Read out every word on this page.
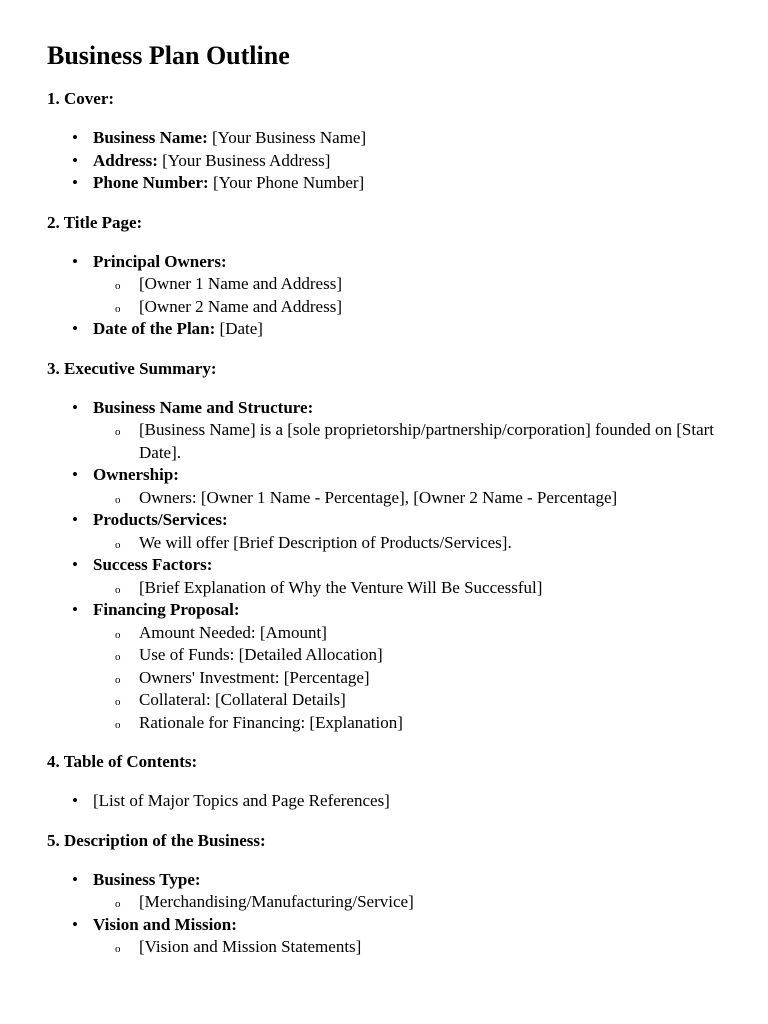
Business Plan Outline
1. Cover:
• Business Name: [Your Business Name]
• Address: [Your Business Address]
• Phone Number: [Your Phone Number]
2. Title Page:
• Principal Owners:
o [Owner 1 Name and Address]
o [Owner 2 Name and Address]
• Date of the Plan: [Date]
3. Executive Summary:
• Business Name and Structure:
o [Business Name] is a [sole proprietorship/partnership/corporation] founded on [Start Date].
• Ownership:
o Owners: [Owner 1 Name - Percentage], [Owner 2 Name - Percentage]
• Products/Services:
o We will offer [Brief Description of Products/Services].
• Success Factors:
o [Brief Explanation of Why the Venture Will Be Successful]
• Financing Proposal:
o Amount Needed: [Amount]
o Use of Funds: [Detailed Allocation]
o Owners' Investment: [Percentage]
o Collateral: [Collateral Details]
o Rationale for Financing: [Explanation]
4. Table of Contents:
• [List of Major Topics and Page References]
5. Description of the Business:
• Business Type:
o [Merchandising/Manufacturing/Service]
• Vision and Mission:
o [Vision and Mission Statements]
